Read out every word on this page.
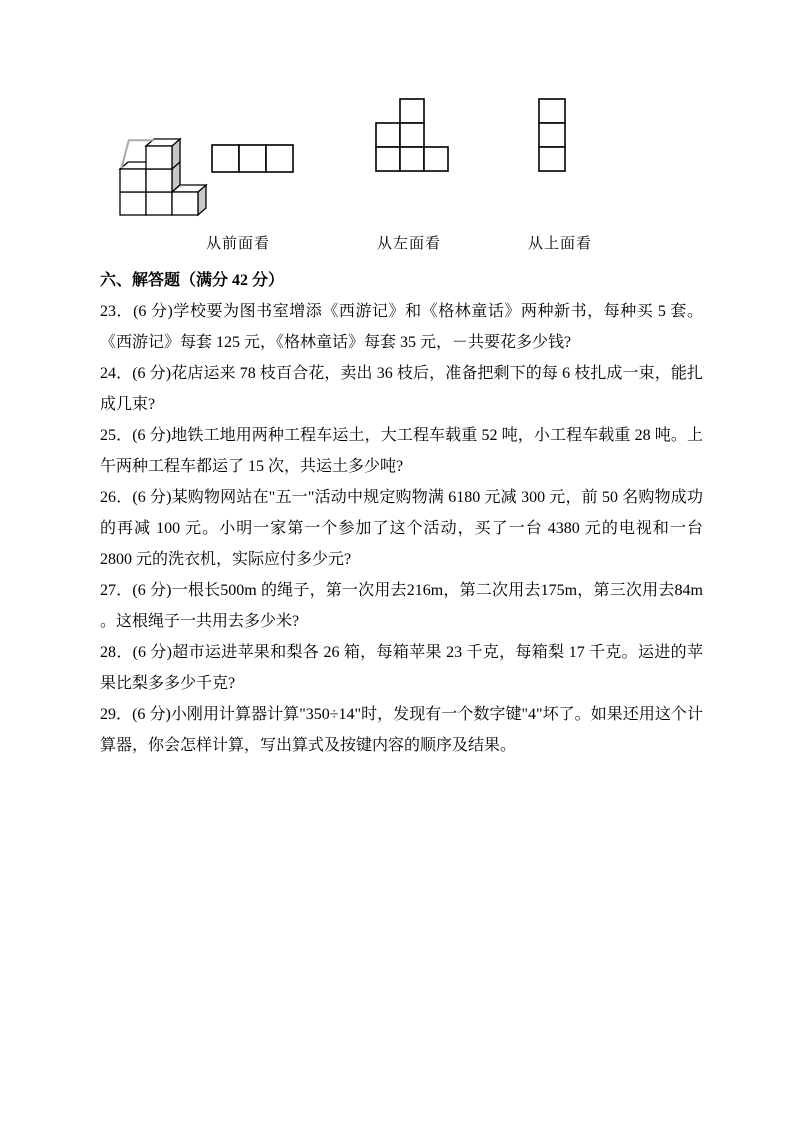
从前面看	从左面看	从上面看

六、解答题（满分 42 分）

23．(6 分)学校要为图书室增添《西游记》和《格林童话》两种新书，每种买 5 套。《西游记》每套 125 元，《格林童话》每套 35 元，－共要花多少钱?

24．(6 分)花店运来 78 枝百合花，卖出 36 枝后，准备把剩下的每 6 枝扎成一束，能扎成几束?

25．(6 分)地铁工地用两种工程车运土，大工程车载重 52 吨，小工程车载重 28 吨。上午两种工程车都运了 15 次，共运土多少吨?

26．(6 分)某购物网站在"五一"活动中规定购物满 6180 元减 300 元，前 50 名购物成功的再减 100 元。小明一家第一个参加了这个活动，买了一台 4380 元的电视和一台 2800 元的洗衣机，实际应付多少元?

27．(6 分)一根长500m 的绳子，第一次用去216m，第二次用去175m，第三次用去84m 。这根绳子一共用去多少米?

28．(6 分)超市运进苹果和梨各 26 箱，每箱苹果 23 千克，每箱梨 17 千克。运进的苹果比梨多多少千克?

29．(6 分)小刚用计算器计算"350÷14"时，发现有一个数字键"4"坏了。如果还用这个计算器，你会怎样计算，写出算式及按键内容的顺序及结果。
